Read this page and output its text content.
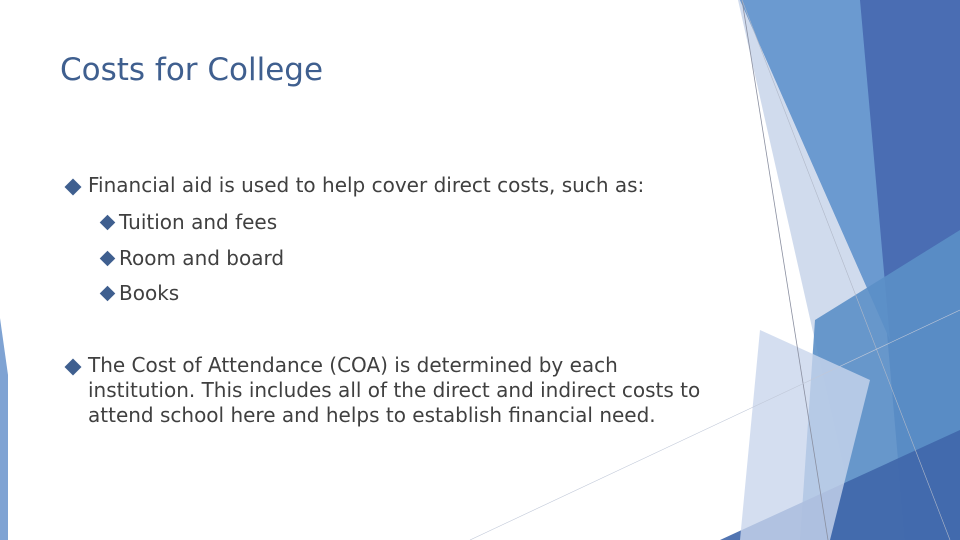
Costs for College
Financial aid is used to help cover direct costs, such as:
Tuition and fees
Room and board
Books
The Cost of Attendance (COA) is determined by each institution. This includes all of the direct and indirect costs to attend school here and helps to establish financial need.
